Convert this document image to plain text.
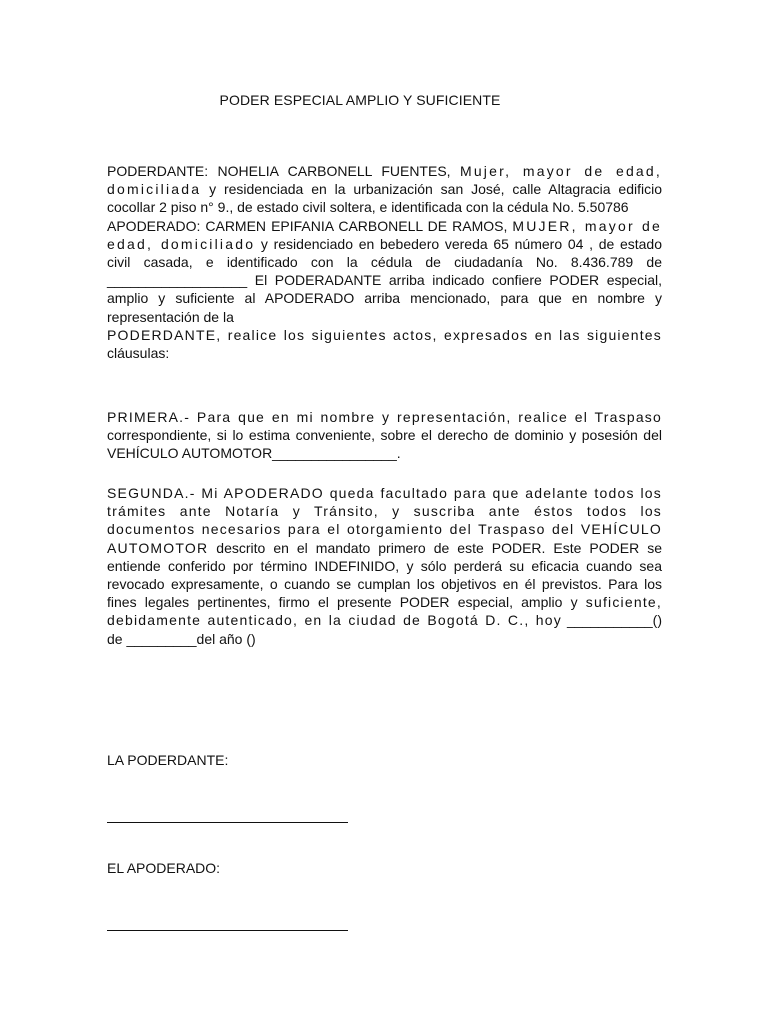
PODER ESPECIAL AMPLIO Y SUFICIENTE

PODERDANTE: NOHELIA CARBONELL FUENTES, Mujer, mayor de edad, domiciliada y residenciada en la urbanización san José, calle Altagracia edificio cocollar 2 piso n° 9., de estado civil soltera, e identificada con la cédula No. 5.50786

APODERADO: CARMEN EPIFANIA CARBONELL DE RAMOS, MUJER, mayor de edad, domiciliado y residenciado en bebedero vereda 65 número 04 , de estado civil casada, e identificado con la cédula de ciudadanía No. 8.436.789 de __________________ El PODERADANTE arriba indicado confiere PODER especial, amplio y suficiente al APODERADO arriba mencionado, para que en nombre y representación de la

PODERDANTE, realice los siguientes actos, expresados en las siguientes cláusulas:

PRIMERA.- Para que en mi nombre y representación, realice el Traspaso correspondiente, si lo estima conveniente, sobre el derecho de dominio y posesión del VEHÍCULO AUTOMOTOR________________.

SEGUNDA.- Mi APODERADO queda facultado para que adelante todos los trámites ante Notaría y Tránsito, y suscriba ante éstos todos los documentos necesarios para el otorgamiento del Traspaso del VEHÍCULO AUTOMOTOR descrito en el mandato primero de este PODER. Este PODER se entiende conferido por término INDEFINIDO, y sólo perderá su eficacia cuando sea revocado expresamente, o cuando se cumplan los objetivos en él previstos. Para los fines legales pertinentes, firmo el presente PODER especial, amplio y suficiente, debidamente autenticado, en la ciudad de Bogotá D. C., hoy ___________() de _________del año ()

LA PODERDANTE:
EL APODERADO:
